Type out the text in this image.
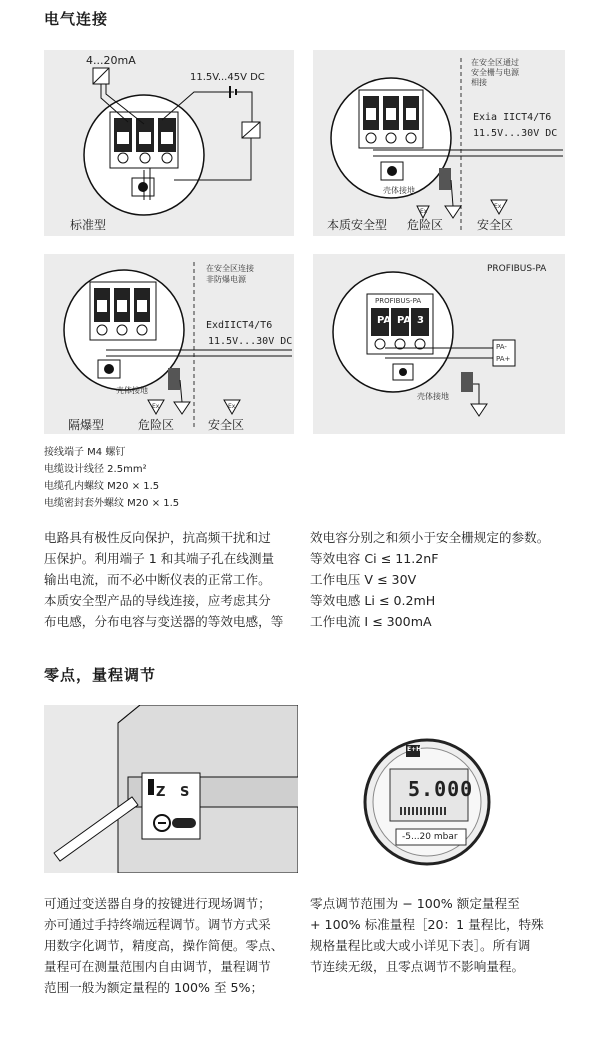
电气连接
4...20mA
11.5V...45V DC
标准型
在安全区通过
安全栅与电源
相接
Exia IICT4/T6
11.5V...30V DC
壳体接地
Ex
Ex
本质安全型 危险区	安全区
在安全区连接
非防爆电源
ExdIICT4/T6
11.5V...30V DC
壳体接地
Ex	Ex
隔爆型	危险区	安全区
PROFIBUS-PA
PROFIBUS-PA
PA PA 3
PA-
PA+
壳体接地
接线端子 M4 螺钉
电缆设计线径 2.5mm²
电缆孔内螺纹 M20 × 1.5
电缆密封套外螺纹 M20 × 1.5
电路具有极性反向保护，抗高频干扰和过
压保护。利用端子 1 和其端子孔在线测量
输出电流，而不必中断仪表的正常工作。
本质安全型产品的导线连接，应考虑其分
布电感，分布电容与变送器的等效电感，等
效电容分别之和须小于安全栅规定的参数。
等效电容 Ci ≤ 11.2nF
工作电压 V ≤ 30V
等效电感 Li ≤ 0.2mH
工作电流 I ≤ 300mA
零点，量程调节
Z S
E+H
5.000
-5...20 mbar
可通过变送器自身的按键进行现场调节；
亦可通过手持终端远程调节。调节方式采
用数字化调节，精度高，操作简便。零点、
量程可在测量范围内自由调节，量程调节
范围一般为额定量程的 100% 至 5%；
零点调节范围为 − 100% 额定量程至
+ 100% 标准量程［20：1 量程比，特殊
规格量程比或大或小详见下表］。所有调
节连续无级，且零点调节不影响量程。
